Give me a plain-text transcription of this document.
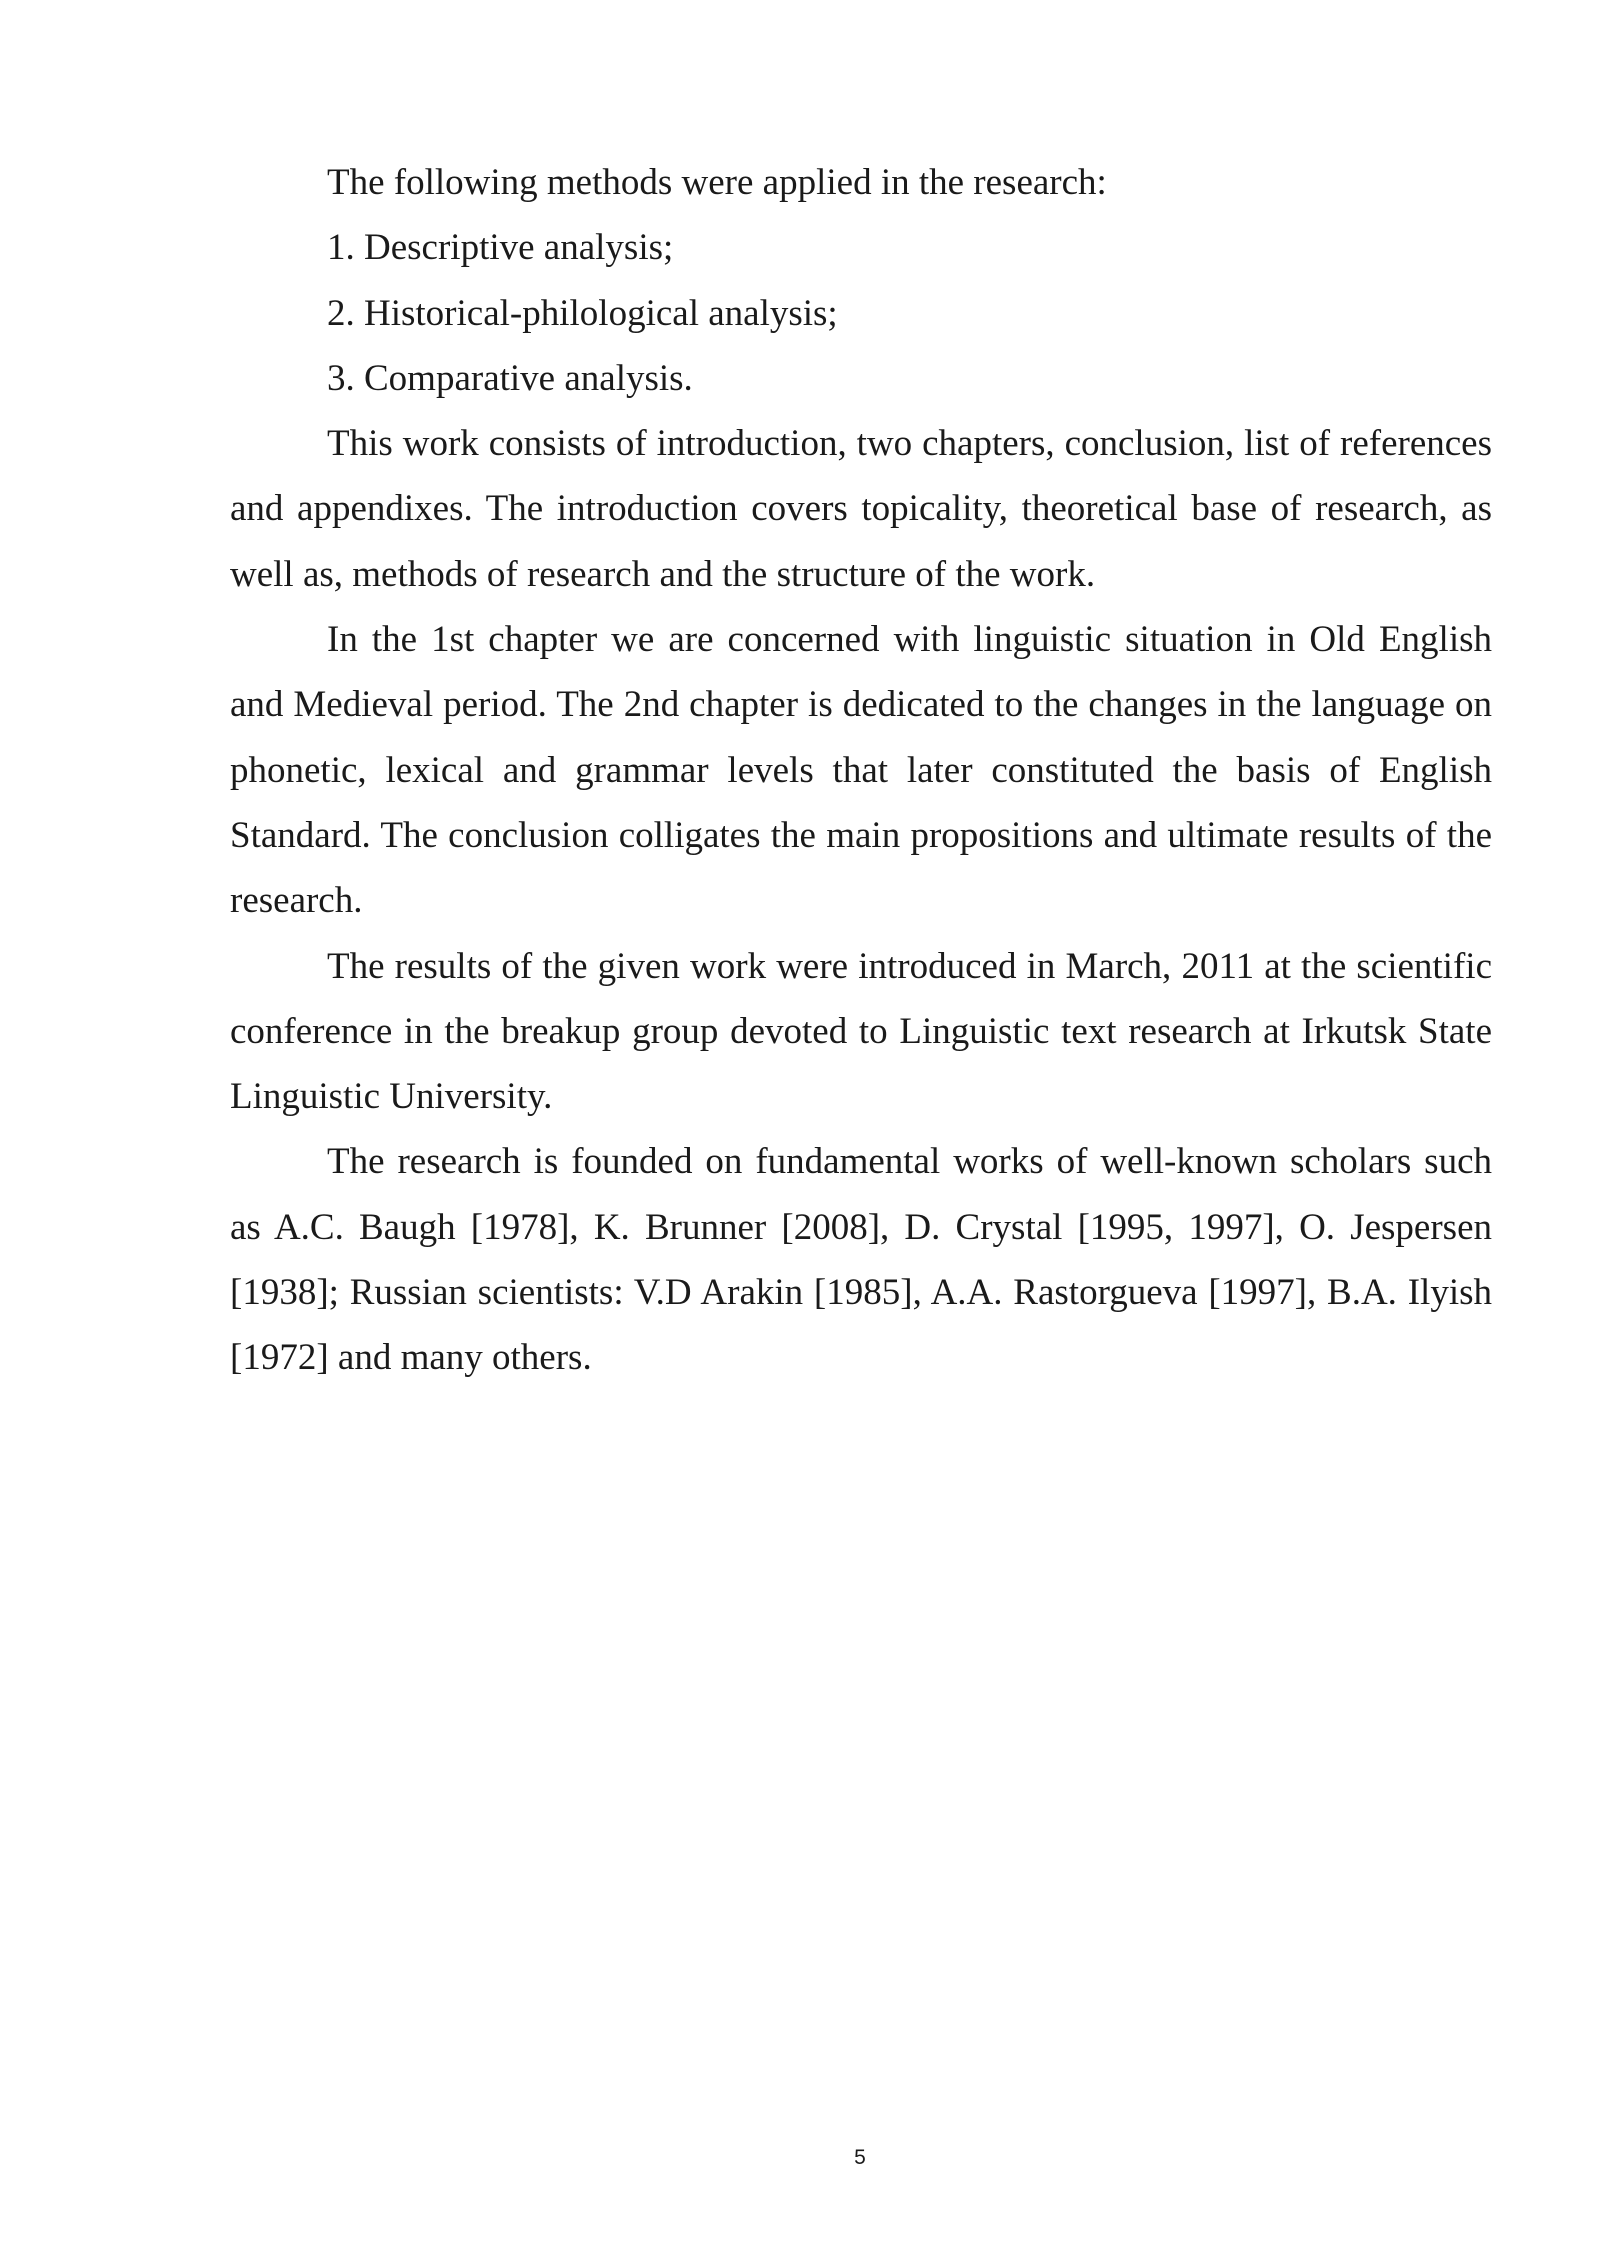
The following methods were applied in the research:

1. Descriptive analysis;

2. Historical-philological analysis;

3. Comparative analysis.

This work consists of introduction, two chapters, conclusion, list of references and appendixes. The introduction covers topicality, theoretical base of research, as well as, methods of research and the structure of the work.

In the 1st chapter we are concerned with linguistic situation in Old English and Medieval period. The 2nd chapter is dedicated to the changes in the language on phonetic, lexical and grammar levels that later constituted the basis of English Standard. The conclusion colligates the main propositions and ultimate results of the research.

The results of the given work were introduced in March, 2011 at the scientific conference in the breakup group devoted to Linguistic text research at Irkutsk State Linguistic University.

The research is founded on fundamental works of well-known scholars such as A.C. Baugh [1978], K. Brunner [2008], D. Crystal [1995, 1997], O. Jespersen [1938]; Russian scientists: V.D Arakin [1985], A.A. Rastorgueva [1997], B.A. Ilyish [1972] and many others.

5
